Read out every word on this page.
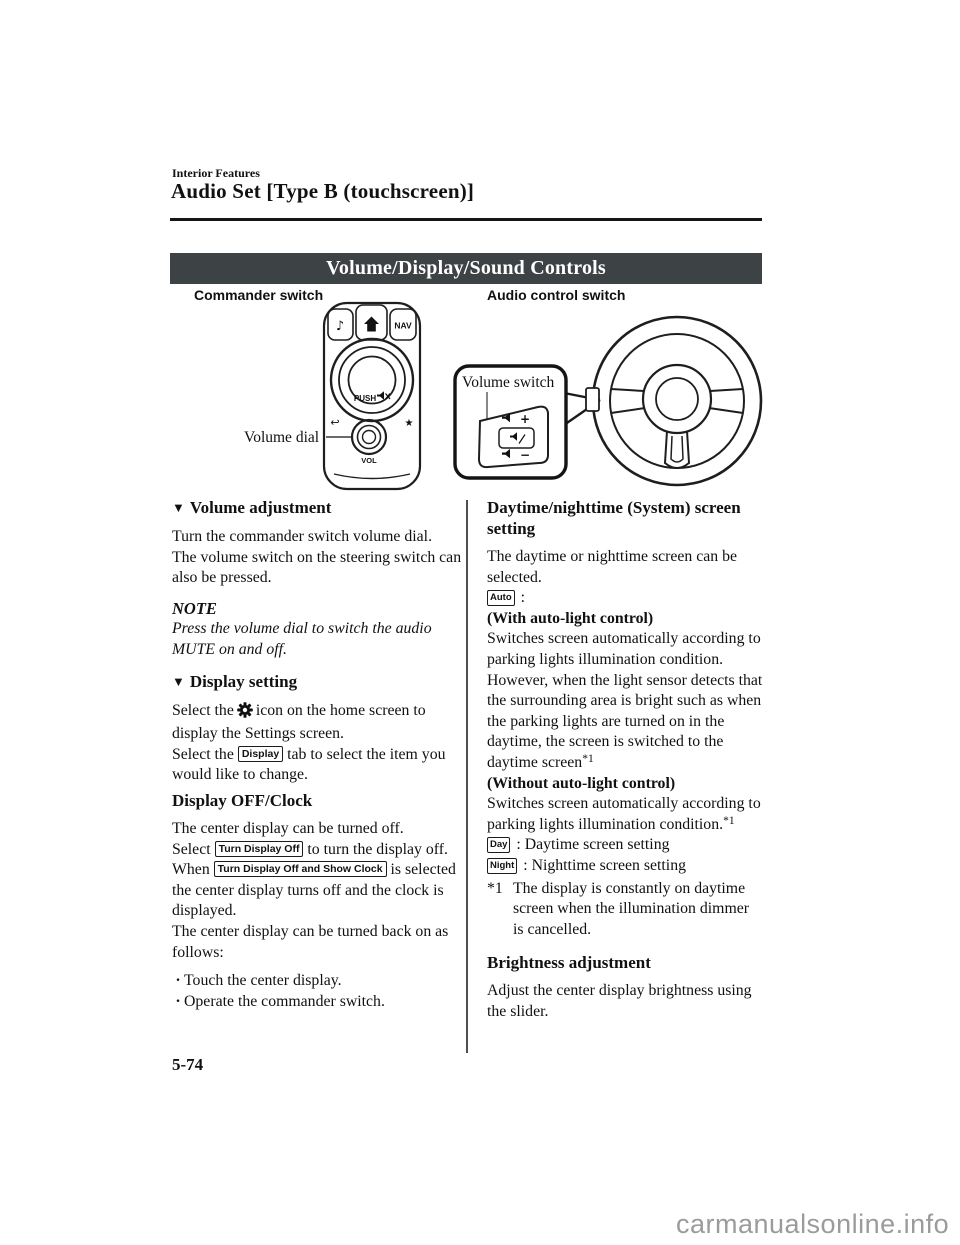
Interior Features
Audio Set [Type B (touchscreen)]
Volume/Display/Sound Controls
Commander switch	Audio control switch
♪	NAV
↩	★
PUSH
VOL
Volume dial
Volume switch
+
−
▼ Volume adjustment
Turn the commander switch volume dial.
The volume switch on the steering switch can also be pressed.
NOTE
Press the volume dial to switch the audio MUTE on and off.
▼ Display setting
Select the icon on the home screen to display the Settings screen.
Select the Display tab to select the item you would like to change.
Display OFF/Clock
The center display can be turned off.
Select Turn Display Off to turn the display off.
When Turn Display Off and Show Clock is selected the center display turns off and the clock is displayed.
The center display can be turned back on as follows:
· Touch the center display.
· Operate the commander switch.
Daytime/nighttime (System) screen setting
The daytime or nighttime screen can be selected.
Auto :
(With auto-light control)
Switches screen automatically according to parking lights illumination condition. However, when the light sensor detects that the surrounding area is bright such as when the parking lights are turned on in the daytime, the screen is switched to the daytime screen$^{*1}$
(Without auto-light control)
Switches screen automatically according to parking lights illumination condition.$^{*1}$
Day : Daytime screen setting
Night : Nighttime screen setting
*1 The display is constantly on daytime screen when the illumination dimmer is cancelled.
Brightness adjustment
Adjust the center display brightness using the slider.
5-74
carmanualsonline.info
